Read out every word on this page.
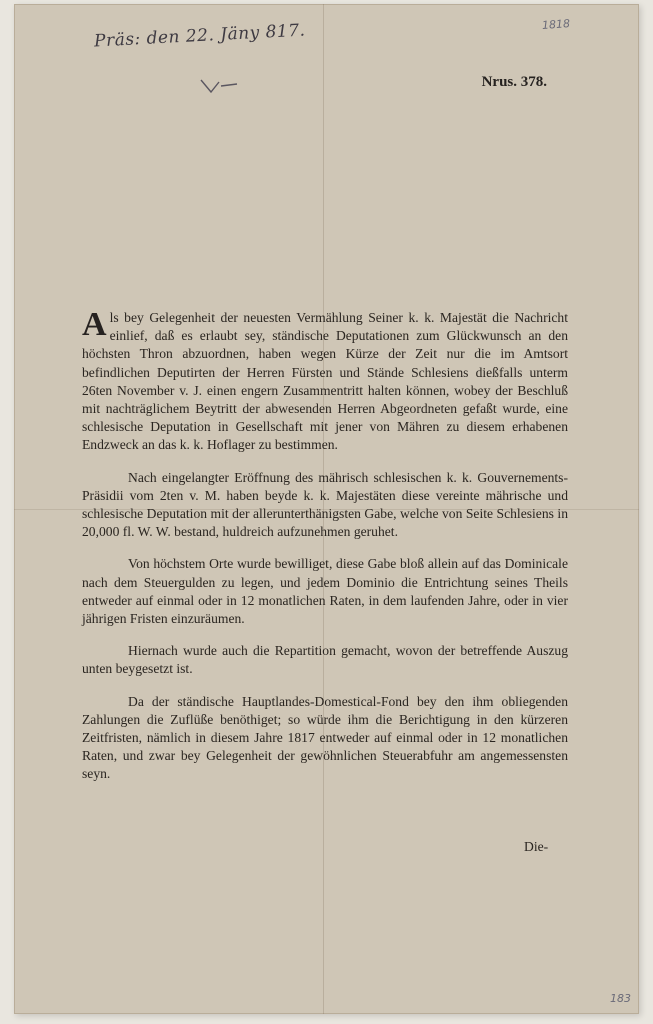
Präs: den 22. Jäny 817.	1818
Nrus. 378.

Als bey Gelegenheit der neuesten Vermählung Seiner k. k. Majestät die Nachricht einlief, daß es erlaubt sey, ständische Deputationen zum Glückwunsch an den höchsten Thron abzuordnen, haben wegen Kürze der Zeit nur die im Amtsort befindlichen Deputirten der Herren Fürsten und Stände Schlesiens dießfalls unterm 26ten November v. J. einen engern Zusammentritt halten können, wobey der Beschluß mit nachträglichem Beytritt der abwesenden Herren Abgeordneten gefaßt wurde, eine schlesische Deputation in Gesellschaft mit jener von Mähren zu diesem erhabenen Endzweck an das k. k. Hoflager zu bestimmen.

Nach eingelangter Eröffnung des mährisch schlesischen k. k. Gouvernements-Präsidii vom 2ten v. M. haben beyde k. k. Majestäten diese vereinte mährische und schlesische Deputation mit der allerunterthänigsten Gabe, welche von Seite Schlesiens in 20,000 fl. W. W. bestand, huldreich aufzunehmen geruhet.

Von höchstem Orte wurde bewilliget, diese Gabe bloß allein auf das Dominicale nach dem Steuergulden zu legen, und jedem Dominio die Entrichtung seines Theils entweder auf einmal oder in 12 monatlichen Raten, in dem laufenden Jahre, oder in vier jährigen Fristen einzuräumen.

Hiernach wurde auch die Repartition gemacht, wovon der betreffende Auszug unten beygesetzt ist.

Da der ständische Hauptlandes-Domestical-Fond bey den ihm obliegenden Zahlungen die Zuflüße benöthiget; so würde ihm die Berichtigung in den kürzeren Zeitfristen, nämlich in diesem Jahre 1817 entweder auf einmal oder in 12 monatlichen Raten, und zwar bey Gelegenheit der gewöhnlichen Steuerabfuhr am angemessensten seyn.

Die-
183
